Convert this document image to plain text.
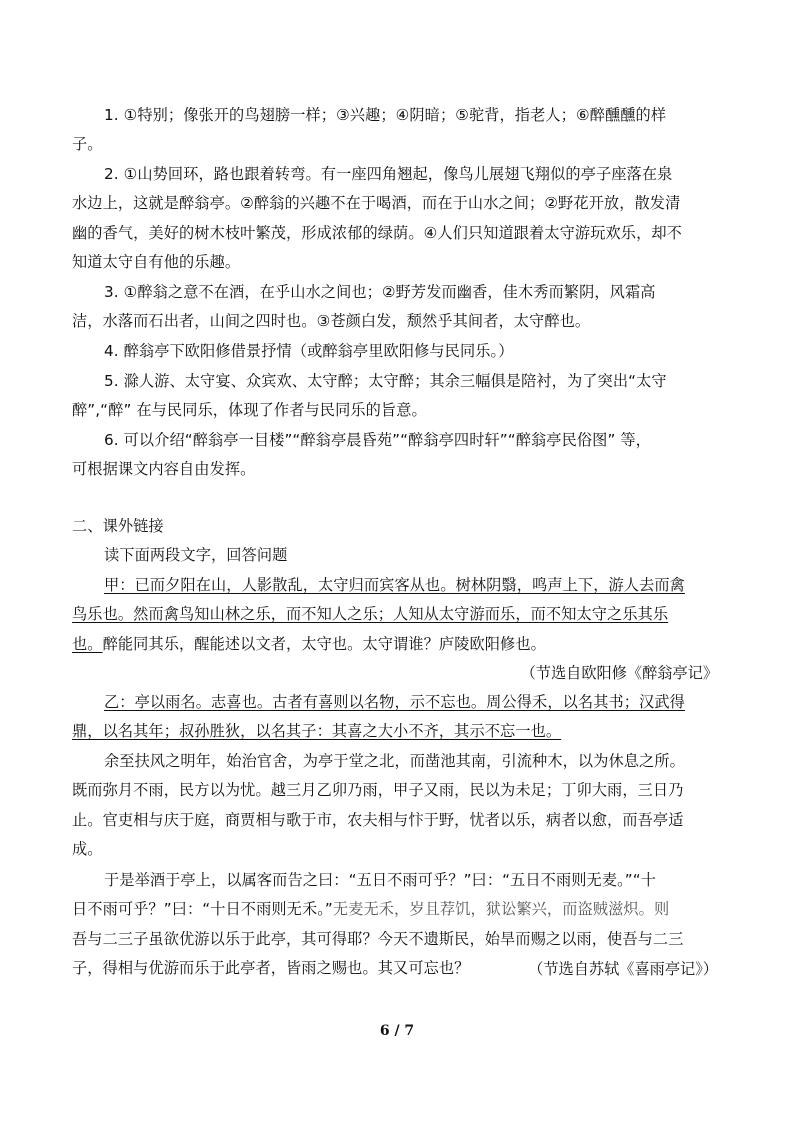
1. ①特别；像张开的鸟翅膀一样；③兴趣；④阴暗；⑤驼背，指老人；⑥醉醺醺的样
子。
2. ①山势回环，路也跟着转弯。有一座四角翘起，像鸟儿展翅飞翔似的亭子座落在泉
水边上，这就是醉翁亭。②醉翁的兴趣不在于喝酒，而在于山水之间；②野花开放，散发清
幽的香气，美好的树木枝叶繁茂，形成浓郁的绿荫。④人们只知道跟着太守游玩欢乐，却不
知道太守自有他的乐趣。
3. ①醉翁之意不在酒，在乎山水之间也；②野芳发而幽香，佳木秀而繁阴，风霜高
洁，水落而石出者，山间之四时也。③苍颜白发，颓然乎其间者，太守醉也。
4. 醉翁亭下欧阳修借景抒情（或醉翁亭里欧阳修与民同乐。）
5. 滁人游、太守宴、众宾欢、太守醉；太守醉；其余三幅俱是陪衬，为了突出“太守
醉”,“醉” 在与民同乐，体现了作者与民同乐的旨意。
6. 可以介绍“醉翁亭一目楼”“醉翁亭晨昏苑”“醉翁亭四时轩”“醉翁亭民俗图” 等，
可根据课文内容自由发挥。
二、课外链接
读下面两段文字，回答问题
甲：已而夕阳在山，人影散乱，太守归而宾客从也。树林阴翳，鸣声上下，游人去而禽
鸟乐也。然而禽鸟知山林之乐，而不知人之乐；人知从太守游而乐，而不知太守之乐其乐
也。醉能同其乐，醒能述以文者，太守也。太守谓谁？庐陵欧阳修也。
（节选自欧阳修《醉翁亭记》
乙：亭以雨名。志喜也。古者有喜则以名物，示不忘也。周公得禾，以名其书；汉武得
鼎，以名其年；叔孙胜狄，以名其子：其喜之大小不齐，其示不忘一也。
余至扶风之明年，始治官舍，为亭于堂之北，而凿池其南，引流种木，以为休息之所。
既而弥月不雨，民方以为忧。越三月乙卯乃雨，甲子又雨，民以为未足；丁卯大雨，三日乃
止。官吏相与庆于庭，商贾相与歌于市，农夫相与忭于野，忧者以乐，病者以愈，而吾亭适
成。
于是举酒于亭上，以属客而告之曰：“五日不雨可乎？”曰：“五日不雨则无麦。”“十
日不雨可乎？”曰：“十日不雨则无禾。”无麦无禾，岁且荐饥，狱讼繁兴，而盗贼滋炽。则
吾与二三子虽欲优游以乐于此亭，其可得耶？今天不遗斯民，始旱而赐之以雨，使吾与二三
子，得相与优游而乐于此亭者，皆雨之赐也。其又可忘也？	（节选自苏轼《喜雨亭记》）
6 / 7
